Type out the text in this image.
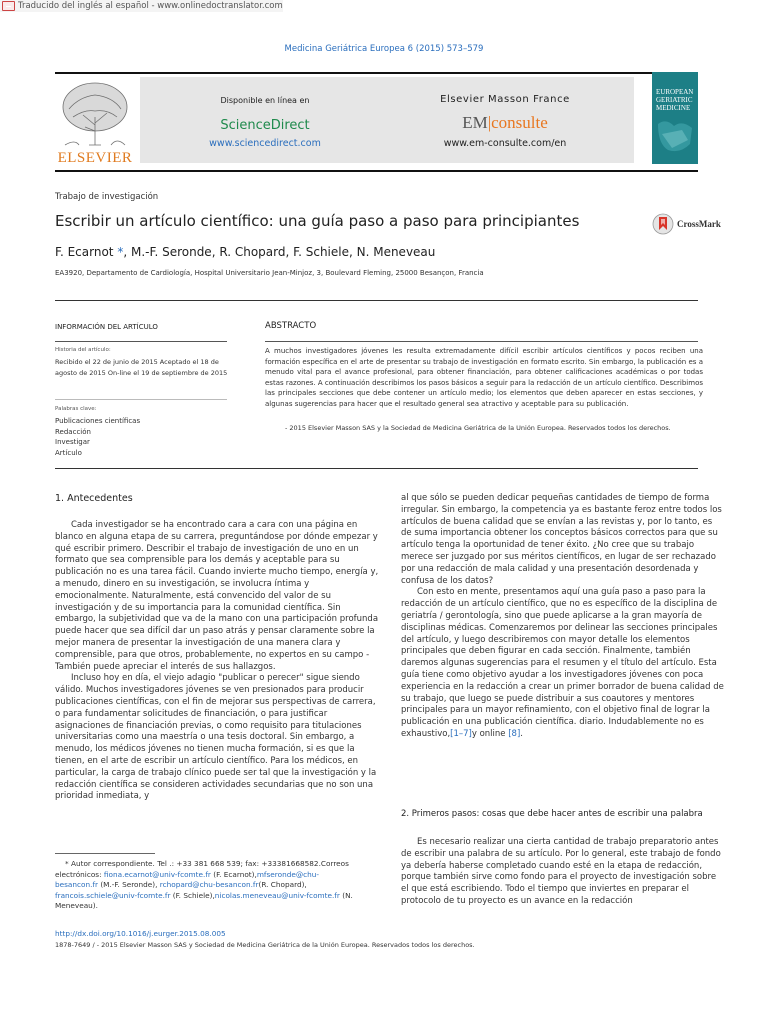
Traducido del inglés al español - www.onlinedoctranslator.com
Medicina Geriátrica Europea 6 (2015) 573–579
ELSEVIER
Disponible en línea en
ScienceDirect
www.sciencedirect.com
Elsevier Masson France
EM|consulte
www.em-consulte.com/en
EUROPEAN
GERIATRIC
MEDICINE
Trabajo de investigación
Escribir un artículo científico: una guía paso a paso para principiantes	CrossMark
F. Ecarnot *, M.-F. Seronde, R. Chopard, F. Schiele, N. Meneveau
EA3920, Departamento de Cardiología, Hospital Universitario Jean-Minjoz, 3, Boulevard Fleming, 25000 Besançon, Francia
INFORMACIÓN DEL ARTÍCULO
Historia del artículo:
Recibido el 22 de junio de 2015 Aceptado el 18 de agosto de 2015 On-line el 19 de septiembre de 2015
Palabras clave:
Publicaciones científicas
Redacción
Investigar
Artículo
ABSTRACTO
A muchos investigadores jóvenes les resulta extremadamente difícil escribir artículos científicos y pocos reciben una formación específica en el arte de presentar su trabajo de investigación en formato escrito. Sin embargo, la publicación es a menudo vital para el avance profesional, para obtener financiación, para obtener calificaciones académicas o por todas estas razones. A continuación describimos los pasos básicos a seguir para la redacción de un artículo científico. Describimos las principales secciones que debe contener un artículo medio; los elementos que deben aparecer en estas secciones, y algunas sugerencias para hacer que el resultado general sea atractivo y aceptable para su publicación.
- 2015 Elsevier Masson SAS y la Sociedad de Medicina Geriátrica de la Unión Europea. Reservados todos los derechos.
1. Antecedentes

Cada investigador se ha encontrado cara a cara con una página en blanco en alguna etapa de su carrera, preguntándose por dónde empezar y qué escribir primero. Describir el trabajo de investigación de uno en un formato que sea comprensible para los demás y aceptable para su publicación no es una tarea fácil. Cuando invierte mucho tiempo, energía y, a menudo, dinero en su investigación, se involucra íntima y emocionalmente. Naturalmente, está convencido del valor de su investigación y de su importancia para la comunidad científica. Sin embargo, la subjetividad que va de la mano con una participación profunda puede hacer que sea difícil dar un paso atrás y pensar claramente sobre la mejor manera de presentar la investigación de una manera clara y comprensible, para que otros, probablemente, no expertos en su campo - También puede apreciar el interés de sus hallazgos.

Incluso hoy en día, el viejo adagio "publicar o perecer" sigue siendo válido. Muchos investigadores jóvenes se ven presionados para producir publicaciones científicas, con el fin de mejorar sus perspectivas de carrera, o para fundamentar solicitudes de financiación, o para justificar asignaciones de financiación previas, o como requisito para titulaciones universitarias como una maestría o una tesis doctoral. Sin embargo, a menudo, los médicos jóvenes no tienen mucha formación, si es que la tienen, en el arte de escribir un artículo científico. Para los médicos, en particular, la carga de trabajo clínico puede ser tal que la investigación y la redacción científica se consideren actividades secundarias que no son una prioridad inmediata, y

al que sólo se pueden dedicar pequeñas cantidades de tiempo de forma irregular. Sin embargo, la competencia ya es bastante feroz entre todos los artículos de buena calidad que se envían a las revistas y, por lo tanto, es de suma importancia obtener los conceptos básicos correctos para que su artículo tenga la oportunidad de tener éxito. ¿No cree que su trabajo merece ser juzgado por sus méritos científicos, en lugar de ser rechazado por una redacción de mala calidad y una presentación desordenada y confusa de los datos?

Con esto en mente, presentamos aquí una guía paso a paso para la redacción de un artículo científico, que no es específico de la disciplina de geriatría / gerontología, sino que puede aplicarse a la gran mayoría de disciplinas médicas. Comenzaremos por delinear las secciones principales del artículo, y luego describiremos con mayor detalle los elementos principales que deben figurar en cada sección. Finalmente, también daremos algunas sugerencias para el resumen y el título del artículo. Esta guía tiene como objetivo ayudar a los investigadores jóvenes con poca experiencia en la redacción a crear un primer borrador de buena calidad de su trabajo, que luego se puede distribuir a sus coautores y mentores principales para un mayor refinamiento, con el objetivo final de lograr la publicación en una publicación científica. diario. Indudablemente no es exhaustivo,[1–7]y online [8].

2. Primeros pasos: cosas que debe hacer antes de escribir una palabra

Es necesario realizar una cierta cantidad de trabajo preparatorio antes de escribir una palabra de su artículo. Por lo general, este trabajo de fondo ya debería haberse completado cuando esté en la etapa de redacción, porque también sirve como fondo para el proyecto de investigación sobre el que está escribiendo. Todo el tiempo que inviertes en preparar el protocolo de tu proyecto es un avance en la redacción

* Autor correspondiente. Tel .: +33 381 668 539; fax: +33381668582.Correos electrónicos: fiona.ecarnot@univ-fcomte.fr (F. Ecarnot),mfseronde@chu-besancon.fr (M.-F. Seronde), rchopard@chu-besancon.fr(R. Chopard), francois.schiele@univ-fcomte.fr (F. Schiele),nicolas.meneveau@univ-fcomte.fr (N. Meneveau).
http://dx.doi.org/10.1016/j.eurger.2015.08.005
1878-7649 / - 2015 Elsevier Masson SAS y Sociedad de Medicina Geriátrica de la Unión Europea. Reservados todos los derechos.
